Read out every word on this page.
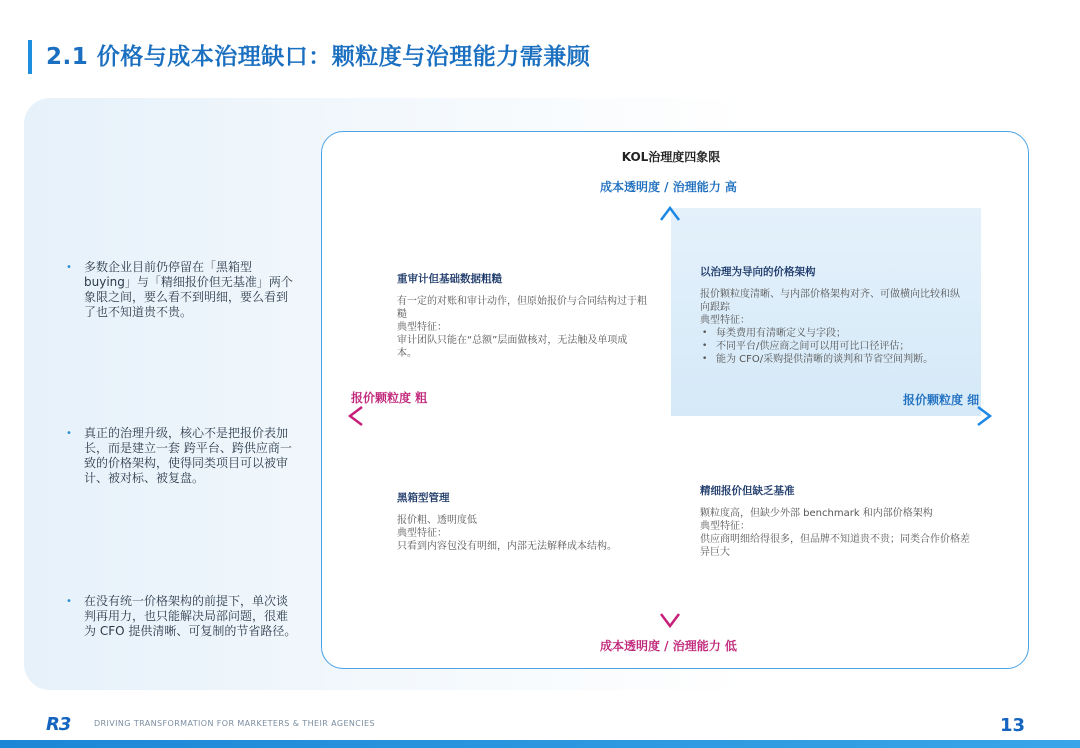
2.1 价格与成本治理缺口：颗粒度与治理能力需兼顾
• 多数企业目前仍停留在「黑箱型buying」与「精细报价但无基准」两个象限之间，要么看不到明细，要么看到了也不知道贵不贵。
• 真正的治理升级，核心不是把报价表加长，而是建立一套 跨平台、跨供应商一致的价格架构，使得同类项目可以被审计、被对标、被复盘。
• 在没有统一价格架构的前提下，单次谈判再用力，也只能解决局部问题，很难为 CFO 提供清晰、可复制的节省路径。
KOL治理度四象限
成本透明度 / 治理能力 高
成本透明度 / 治理能力 低
报价颗粒度 粗	报价颗粒度 细
重审计但基础数据粗糙
有一定的对账和审计动作，但原始报价与合同结构过于粗糙
典型特征：
审计团队只能在“总额”层面做核对，无法触及单项成本。
以治理为导向的价格架构
报价颗粒度清晰、与内部价格架构对齐、可做横向比较和纵向跟踪
典型特征：
• 每类费用有清晰定义与字段；
• 不同平台/供应商之间可以用可比口径评估；
• 能为 CFO/采购提供清晰的谈判和节省空间判断。
黑箱型管理
报价粗、透明度低
典型特征：
只看到内容包没有明细，内部无法解释成本结构。
精细报价但缺乏基准
颗粒度高，但缺少外部 benchmark 和内部价格架构
典型特征：
供应商明细给得很多，但品牌不知道贵不贵；同类合作价格差异巨大
R3	DRIVING TRANSFORMATION FOR MARKETERS & THEIR AGENCIES	13
